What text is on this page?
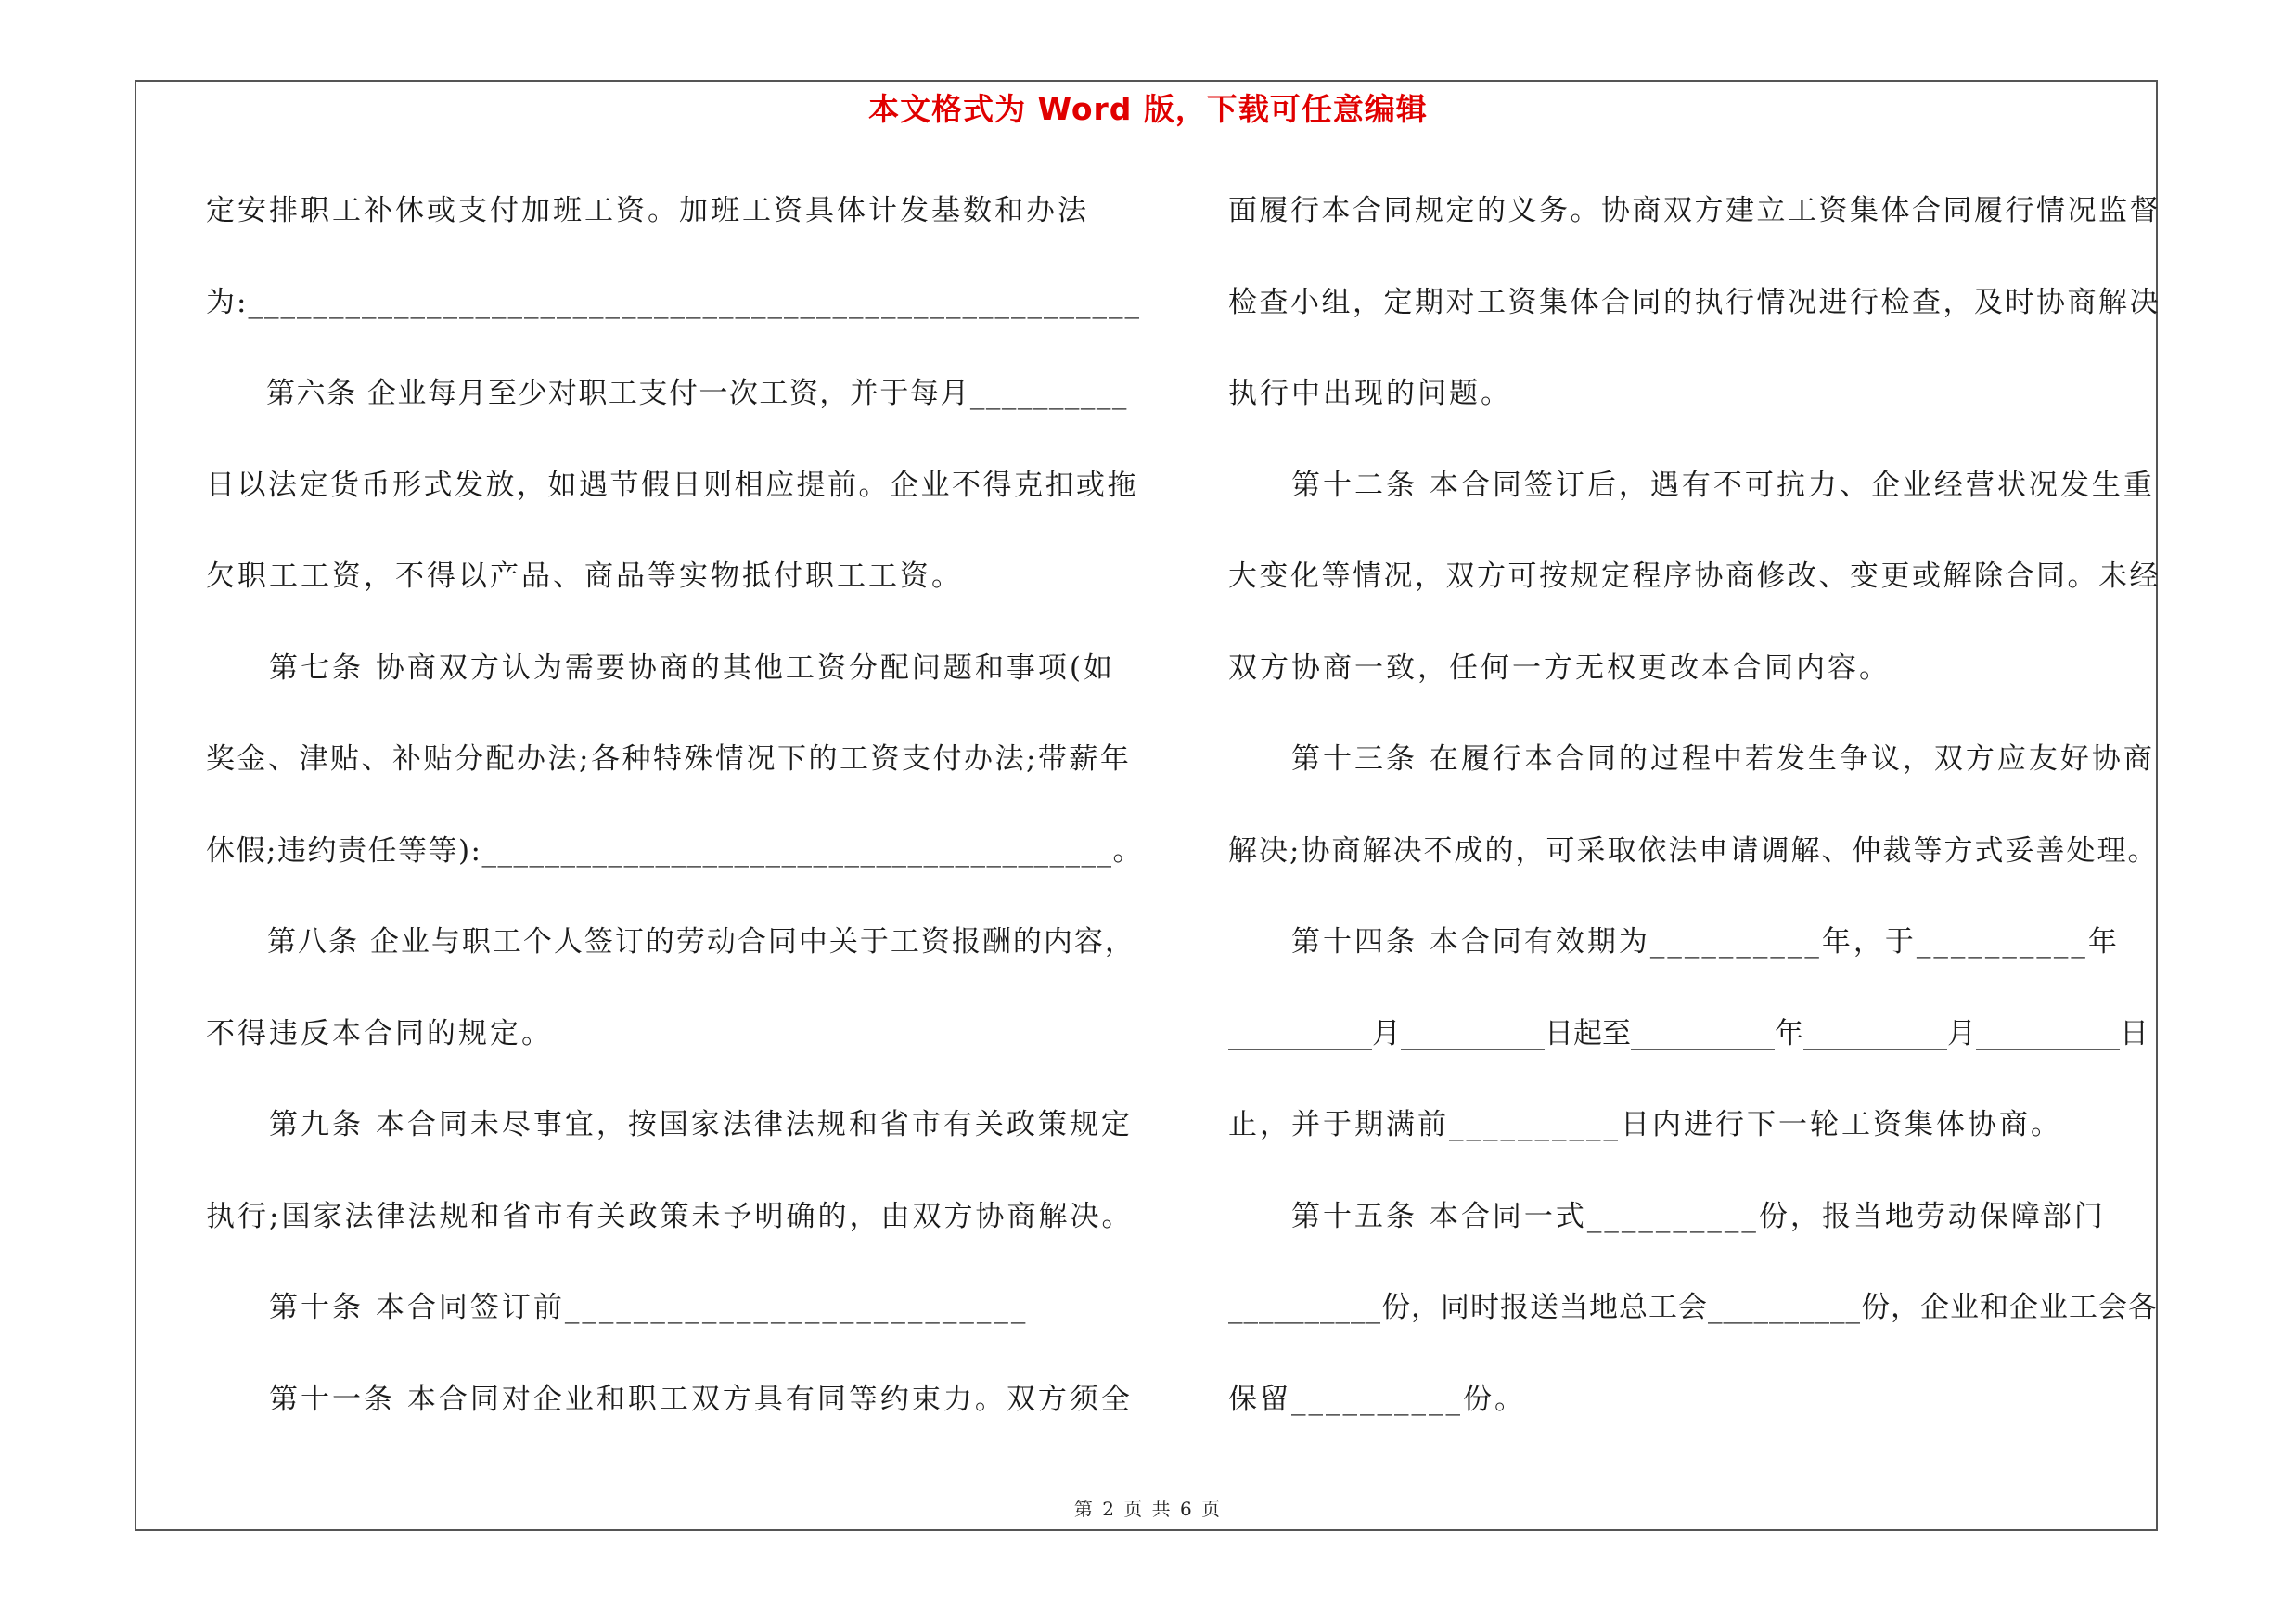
本文格式为 Word 版，下载可任意编辑
定安排职工补休或支付加班工资。加班工资具体计发基数和办法
为:_______________________________________________________
　　第六条 企业每月至少对职工支付一次工资，并于每月__________
日以法定货币形式发放，如遇节假日则相应提前。企业不得克扣或拖
欠职工工资，不得以产品、商品等实物抵付职工工资。
　　第七条 协商双方认为需要协商的其他工资分配问题和事项(如
奖金、津贴、补贴分配办法;各种特殊情况下的工资支付办法;带薪年
休假;违约责任等等):________________________________________。
　　第八条 企业与职工个人签订的劳动合同中关于工资报酬的内容，
不得违反本合同的规定。
　　第九条 本合同未尽事宜，按国家法律法规和省市有关政策规定
执行;国家法律法规和省市有关政策未予明确的，由双方协商解决。
　　第十条 本合同签订前___________________________
　　第十一条 本合同对企业和职工双方具有同等约束力。双方须全
面履行本合同规定的义务。协商双方建立工资集体合同履行情况监督
检查小组，定期对工资集体合同的执行情况进行检查，及时协商解决
执行中出现的问题。
　　第十二条 本合同签订后，遇有不可抗力、企业经营状况发生重
大变化等情况，双方可按规定程序协商修改、变更或解除合同。未经
双方协商一致，任何一方无权更改本合同内容。
　　第十三条 在履行本合同的过程中若发生争议，双方应友好协商
解决;协商解决不成的，可采取依法申请调解、仲裁等方式妥善处理。
　　第十四条 本合同有效期为__________年，于__________年
__________月__________日起至__________年__________月__________日
止，并于期满前__________日内进行下一轮工资集体协商。
　　第十五条 本合同一式__________份，报当地劳动保障部门
__________份，同时报送当地总工会__________份，企业和企业工会各
保留__________份。
第 2 页 共 6 页
